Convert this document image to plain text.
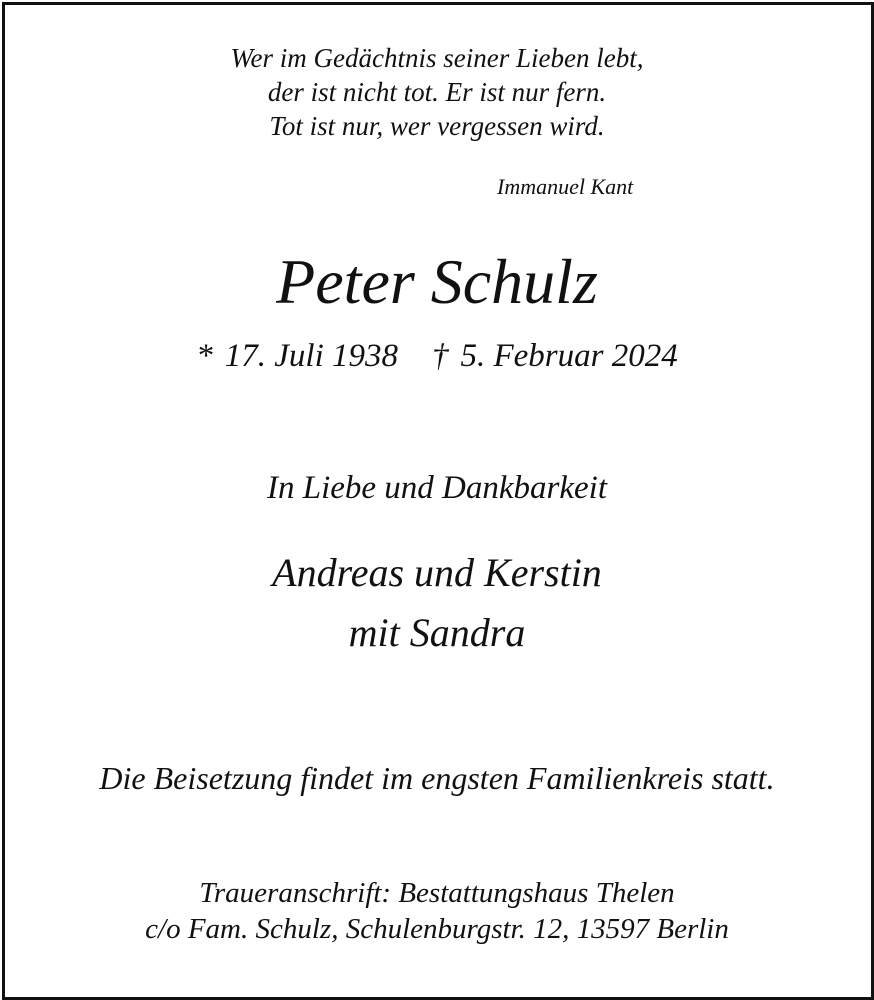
Wer im Gedächtnis seiner Lieben lebt,
der ist nicht tot. Er ist nur fern.
Tot ist nur, wer vergessen wird.
Immanuel Kant
Peter Schulz
* 17. Juli 1938 † 5. Februar 2024
In Liebe und Dankbarkeit
Andreas und Kerstin
mit Sandra
Die Beisetzung findet im engsten Familienkreis statt.
Traueranschrift: Bestattungshaus Thelen
c/o Fam. Schulz, Schulenburgstr. 12, 13597 Berlin
